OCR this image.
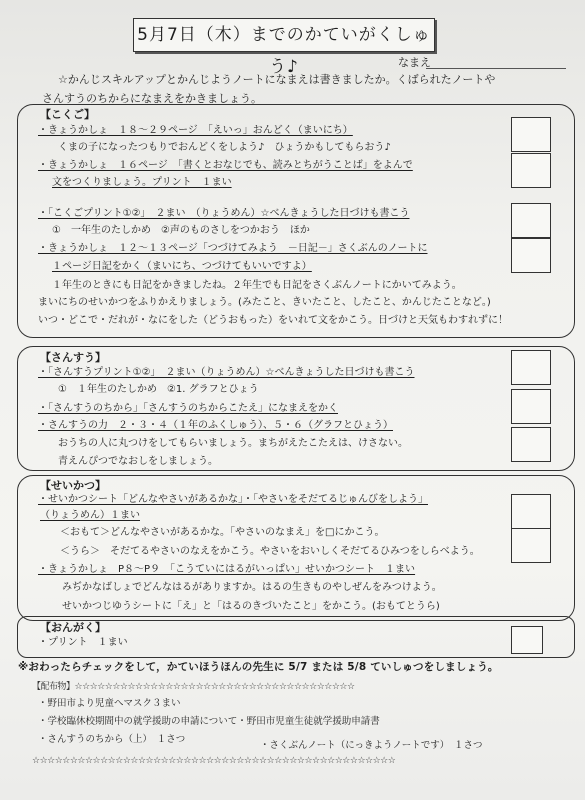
5月7日（木）までのかていがくしゅう♪	なまえ
☆かんじスキルアップとかんじようノートになまえは書きましたか。くばられたノートや
さんすうのちからになまえをかきましょう。
【こくご】
・きょうかしょ　１８～２９ページ　「えいっ」おんどく（まいにち）
くまの子になったつもりでおんどくをしよう♪　ひょうかもしてもらおう♪
・きょうかしょ　１６ページ　「書くとおなじでも、読みとちがうことば」をよんで
文をつくりましょう。プリント　１まい
・「こくごプリント①②」　２まい　（りょうめん）☆べんきょうした日づけも書こう
①　一年生のたしかめ　②声のものさしをつかおう　ほか
・きょうかしょ　１２～１３ページ「つづけてみよう　－日記－」さくぶんのノートに
１ページ日記をかく（まいにち、つづけてもいいですよ）
１年生のときにも日記をかきましたね。２年生でも日記をさくぶんノートにかいてみよう。
まいにちのせいかつをふりかえりましょう。(みたこと、きいたこと、したこと、かんじたことなど。)
いつ・どこで・だれが・なにをした（どうおもった）をいれて文をかこう。日づけと天気もわすれずに！
【さんすう】
・「さんすうプリント①②」　２まい（りょうめん）☆べんきょうした日づけも書こう
①　１年生のたしかめ　②1. グラフとひょう
・「さんすうのちから」「さんすうのちからこたえ」になまえをかく
・さんすうの力　２・３・４（１年のふくしゅう）、５・６（グラフとひょう）
おうちの人に丸つけをしてもらいましょう。まちがえたこたえは、けさない。
青えんぴつでなおしをしましょう。
【せいかつ】
・せいかつシート「どんなやさいがあるかな」・「やさいをそだてるじゅんびをしよう」
（りょうめん）１まい
＜おもて＞どんなやさいがあるかな。「やさいのなまえ」を□にかこう。
＜うら＞　そだてるやさいのなえをかこう。やさいをおいしくそだてるひみつをしらべよう。
・きょうかしょ　P８～P９　「こうていにはるがいっぱい」せいかつシート　１まい
みぢかなばしょでどんなはるがありますか。はるの生きものやしぜんをみつけよう。
せいかつじゆうシートに「え」と「はるのきづいたこと」をかこう。(おもてとうら)
【おんがく】
・プリント　１まい
※おわったらチェックをして，かていほうほんの先生に 5/7 または 5/8 ていしゅつをしましょう。
【配布物】☆☆☆☆☆☆☆☆☆☆☆☆☆☆☆☆☆☆☆☆☆☆☆☆☆☆☆☆☆☆☆☆☆☆☆☆☆
・野田市より児童へマスク３まい
・学校臨休校期間中の就学援助の申請について・野田市児童生徒就学援助申請書
・さんすうのちから（上）　１さつ
・さくぶんノート（にっきようノートです）　１さつ
☆☆☆☆☆☆☆☆☆☆☆☆☆☆☆☆☆☆☆☆☆☆☆☆☆☆☆☆☆☆☆☆☆☆☆☆☆☆☆☆☆☆☆☆☆☆☆☆
